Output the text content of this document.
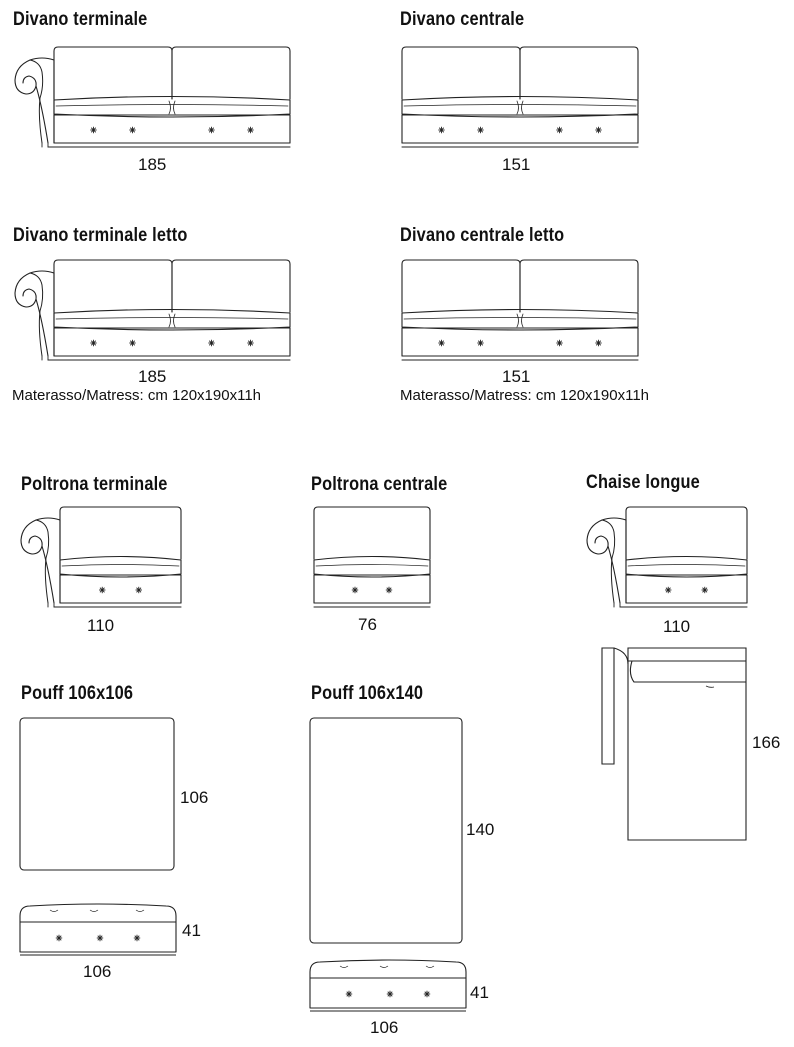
Divano terminale	Divano centrale
185	151
Divano terminale letto	Divano centrale letto
185	151
Materasso/Matress: cm 120x190x11h	Materasso/Matress: cm 120x190x11h
Poltrona terminale	Poltrona centrale	Chaise longue
110	76	110
166
Pouff 106x106	Pouff 106x140
106
140
41
106
41
106
